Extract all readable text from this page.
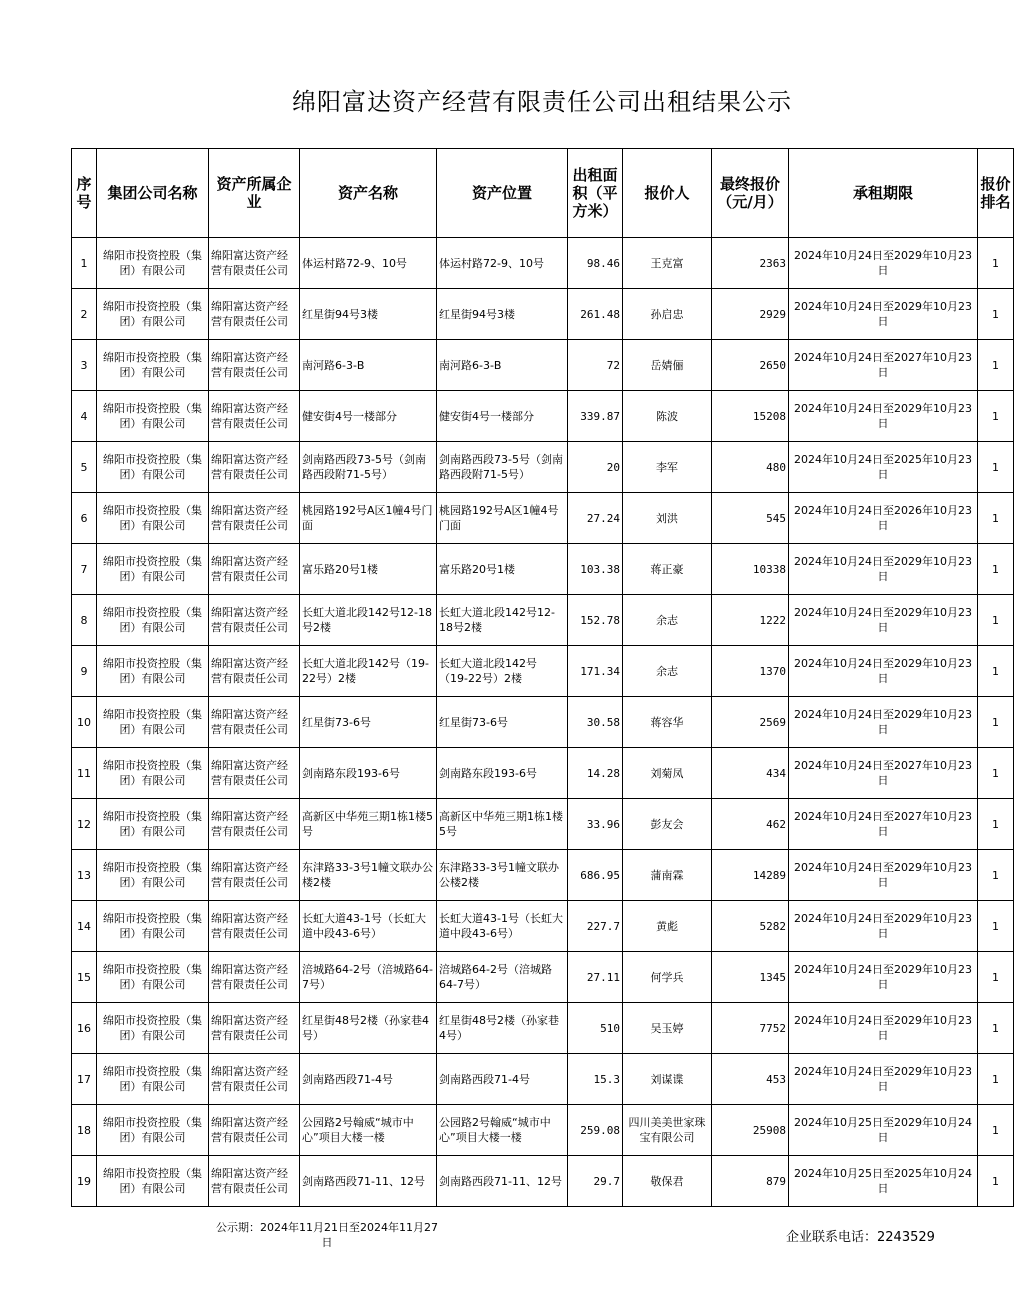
绵阳富达资产经营有限责任公司出租结果公示
序号	集团公司名称	资产所属企业	资产名称	资产位置	出租面积（平方米）	报价人	最终报价（元/月）	承租期限	报价排名
1	绵阳市投资控股（集团）有限公司	绵阳富达资产经营有限责任公司	体运村路72-9、10号	体运村路72-9、10号	98.46	王克富	2363	2024年10月24日至2029年10月23日	1
2	绵阳市投资控股（集团）有限公司	绵阳富达资产经营有限责任公司	红星街94号3楼	红星街94号3楼	261.48	孙启忠	2929	2024年10月24日至2029年10月23日	1
3	绵阳市投资控股（集团）有限公司	绵阳富达资产经营有限责任公司	南河路6-3-B	南河路6-3-B	72	岳婧俪	2650	2024年10月24日至2027年10月23日	1
4	绵阳市投资控股（集团）有限公司	绵阳富达资产经营有限责任公司	健安街4号一楼部分	健安街4号一楼部分	339.87	陈波	15208	2024年10月24日至2029年10月23日	1
5	绵阳市投资控股（集团）有限公司	绵阳富达资产经营有限责任公司	剑南路西段73-5号（剑南路西段附71-5号）	剑南路西段73-5号（剑南路西段附71-5号）	20	李军	480	2024年10月24日至2025年10月23日	1
6	绵阳市投资控股（集团）有限公司	绵阳富达资产经营有限责任公司	桃园路192号A区1幢4号门面	桃园路192号A区1幢4号门面	27.24	刘洪	545	2024年10月24日至2026年10月23日	1
7	绵阳市投资控股（集团）有限公司	绵阳富达资产经营有限责任公司	富乐路20号1楼	富乐路20号1楼	103.38	蒋正豪	10338	2024年10月24日至2029年10月23日	1
8	绵阳市投资控股（集团）有限公司	绵阳富达资产经营有限责任公司	长虹大道北段142号12-18号2楼	长虹大道北段142号12-18号2楼	152.78	余志	1222	2024年10月24日至2029年10月23日	1
9	绵阳市投资控股（集团）有限公司	绵阳富达资产经营有限责任公司	长虹大道北段142号（19-22号）2楼	长虹大道北段142号（19-22号）2楼	171.34	余志	1370	2024年10月24日至2029年10月23日	1
10	绵阳市投资控股（集团）有限公司	绵阳富达资产经营有限责任公司	红星街73-6号	红星街73-6号	30.58	蒋容华	2569	2024年10月24日至2029年10月23日	1
11	绵阳市投资控股（集团）有限公司	绵阳富达资产经营有限责任公司	剑南路东段193-6号	剑南路东段193-6号	14.28	刘菊凤	434	2024年10月24日至2027年10月23日	1
12	绵阳市投资控股（集团）有限公司	绵阳富达资产经营有限责任公司	高新区中华苑三期1栋1楼5号	高新区中华苑三期1栋1楼5号	33.96	彭友会	462	2024年10月24日至2027年10月23日	1
13	绵阳市投资控股（集团）有限公司	绵阳富达资产经营有限责任公司	东津路33-3号1幢文联办公楼2楼	东津路33-3号1幢文联办公楼2楼	686.95	蒲南霖	14289	2024年10月24日至2029年10月23日	1
14	绵阳市投资控股（集团）有限公司	绵阳富达资产经营有限责任公司	长虹大道43-1号（长虹大道中段43-6号）	长虹大道43-1号（长虹大道中段43-6号）	227.7	黄彪	5282	2024年10月24日至2029年10月23日	1
15	绵阳市投资控股（集团）有限公司	绵阳富达资产经营有限责任公司	涪城路64-2号（涪城路64-7号）	涪城路64-2号（涪城路64-7号）	27.11	何学兵	1345	2024年10月24日至2029年10月23日	1
16	绵阳市投资控股（集团）有限公司	绵阳富达资产经营有限责任公司	红星街48号2楼（孙家巷4号）	红星街48号2楼（孙家巷4号）	510	吴玉婷	7752	2024年10月24日至2029年10月23日	1
17	绵阳市投资控股（集团）有限公司	绵阳富达资产经营有限责任公司	剑南路西段71-4号	剑南路西段71-4号	15.3	刘谋谍	453	2024年10月24日至2029年10月23日	1
18	绵阳市投资控股（集团）有限公司	绵阳富达资产经营有限责任公司	公园路2号翰威“城市中心”项目大楼一楼	公园路2号翰威“城市中心”项目大楼一楼	259.08	四川美美世家珠宝有限公司	25908	2024年10月25日至2029年10月24日	1
19	绵阳市投资控股（集团）有限公司	绵阳富达资产经营有限责任公司	剑南路西段71-11、12号	剑南路西段71-11、12号	29.7	敬保君	879	2024年10月25日至2025年10月24日	1
公示期：2024年11月21日至2024年11月27日	企业联系电话：2243529
